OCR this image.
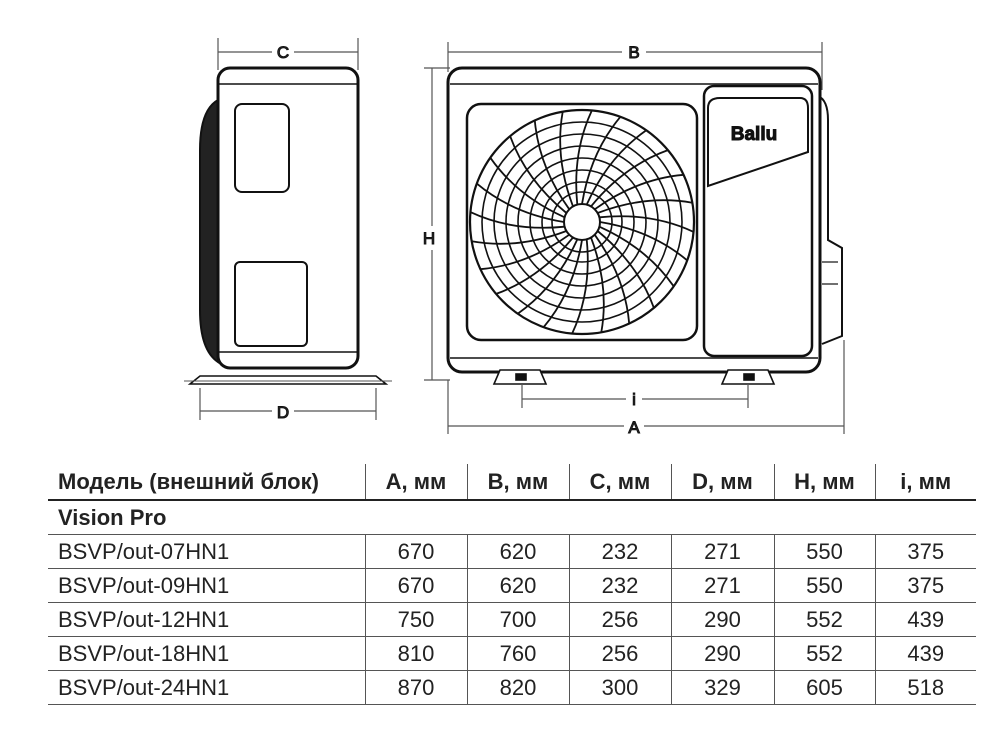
C
D
B
H
Ballu
i
A
Модель (внешний блок)	A, мм	B, мм	C, мм	D, мм	H, мм	i, мм
Vision Pro						
BSVP/out-07HN1	670	620	232	271	550	375
BSVP/out-09HN1	670	620	232	271	550	375
BSVP/out-12HN1	750	700	256	290	552	439
BSVP/out-18HN1	810	760	256	290	552	439
BSVP/out-24HN1	870	820	300	329	605	518
